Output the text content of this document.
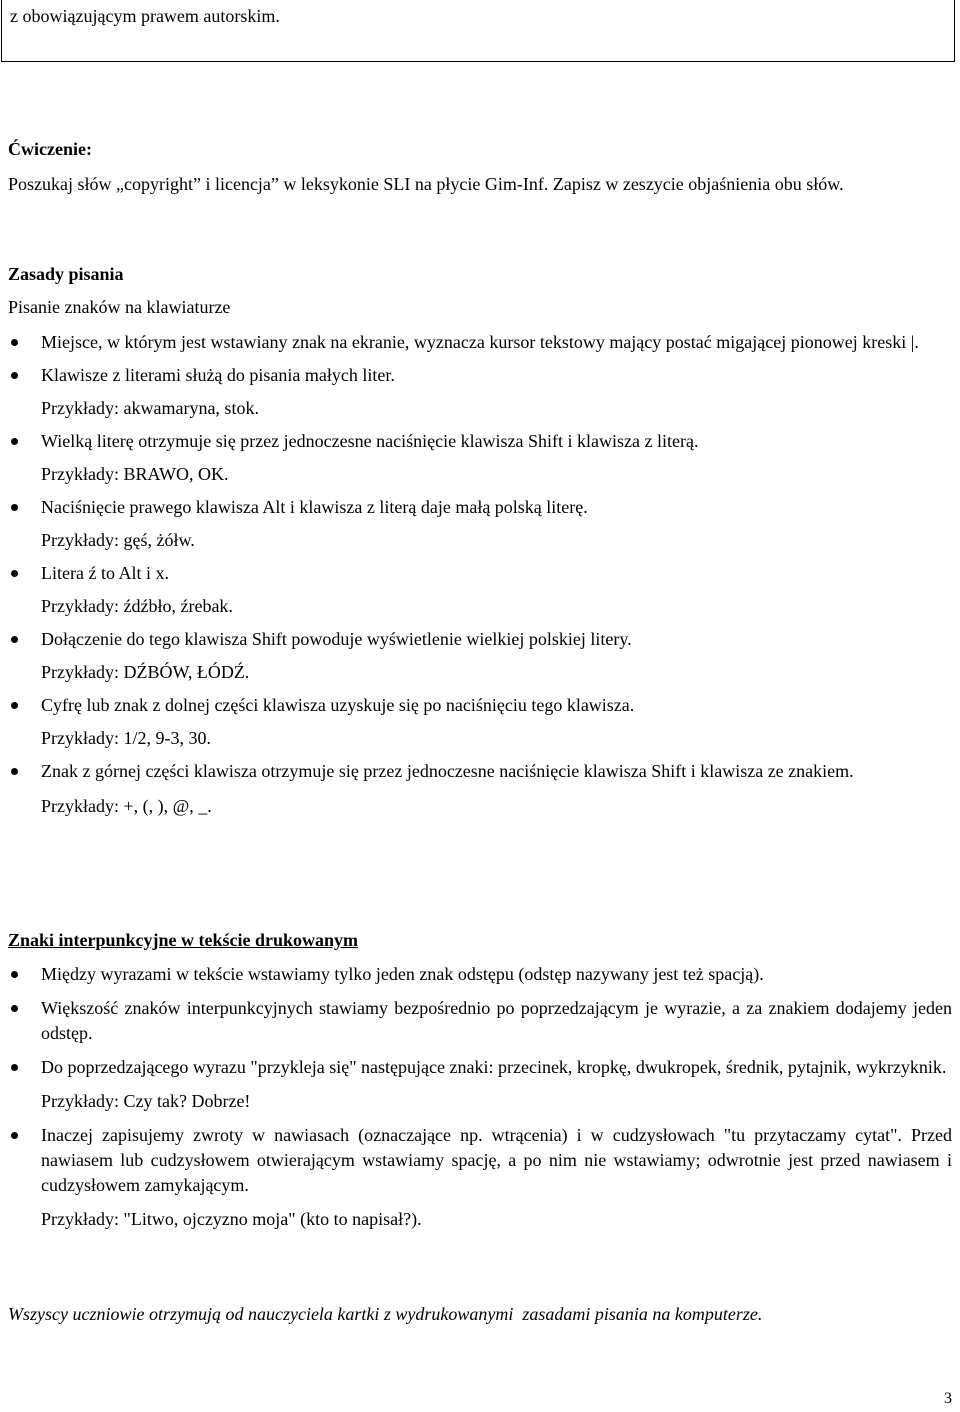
z obowiązującym prawem autorskim.
Ćwiczenie:
Poszukaj słów „copyright” i licencja” w leksykonie SLI na płycie Gim-Inf. Zapisz w zeszycie objaśnienia obu słów.
Zasady pisania
Pisanie znaków na klawiaturze
Miejsce, w którym jest wstawiany znak na ekranie, wyznacza kursor tekstowy mający postać migającej pionowej kreski |.
Klawisze z literami służą do pisania małych liter.
Przykłady: akwamaryna, stok.
Wielką literę otrzymuje się przez jednoczesne naciśnięcie klawisza Shift i klawisza z literą.
Przykłady: BRAWO, OK.
Naciśnięcie prawego klawisza Alt i klawisza z literą daje małą polską literę.
Przykłady: gęś, żółw.
Litera ź to Alt i x.
Przykłady: źdźbło, źrebak.
Dołączenie do tego klawisza Shift powoduje wyświetlenie wielkiej polskiej litery.
Przykłady: DŹBÓW, ŁÓDŹ.
Cyfrę lub znak z dolnej części klawisza uzyskuje się po naciśnięciu tego klawisza.
Przykłady: 1/2, 9-3, 30.
Znak z górnej części klawisza otrzymuje się przez jednoczesne naciśnięcie klawisza Shift i klawisza ze znakiem.
Przykłady: +, (, ), @, _.
Znaki interpunkcyjne w tekście drukowanym
Między wyrazami w tekście wstawiamy tylko jeden znak odstępu (odstęp nazywany jest też spacją).
Większość znaków interpunkcyjnych stawiamy bezpośrednio po poprzedzającym je wyrazie, a za znakiem dodajemy jeden odstęp.
Do poprzedzającego wyrazu "przykleja się" następujące znaki: przecinek, kropkę, dwukropek, średnik, pytajnik, wykrzyknik.
Przykłady: Czy tak? Dobrze!
Inaczej zapisujemy zwroty w nawiasach (oznaczające np. wtrącenia) i w cudzysłowach "tu przytaczamy cytat". Przed nawiasem lub cudzysłowem otwierającym wstawiamy spację, a po nim nie wstawiamy; odwrotnie jest przed nawiasem i cudzysłowem zamykającym.
Przykłady: "Litwo, ojczyzno moja" (kto to napisał?).
Wszyscy uczniowie otrzymują od nauczyciela kartki z wydrukowanymi  zasadami pisania na komputerze.
3
